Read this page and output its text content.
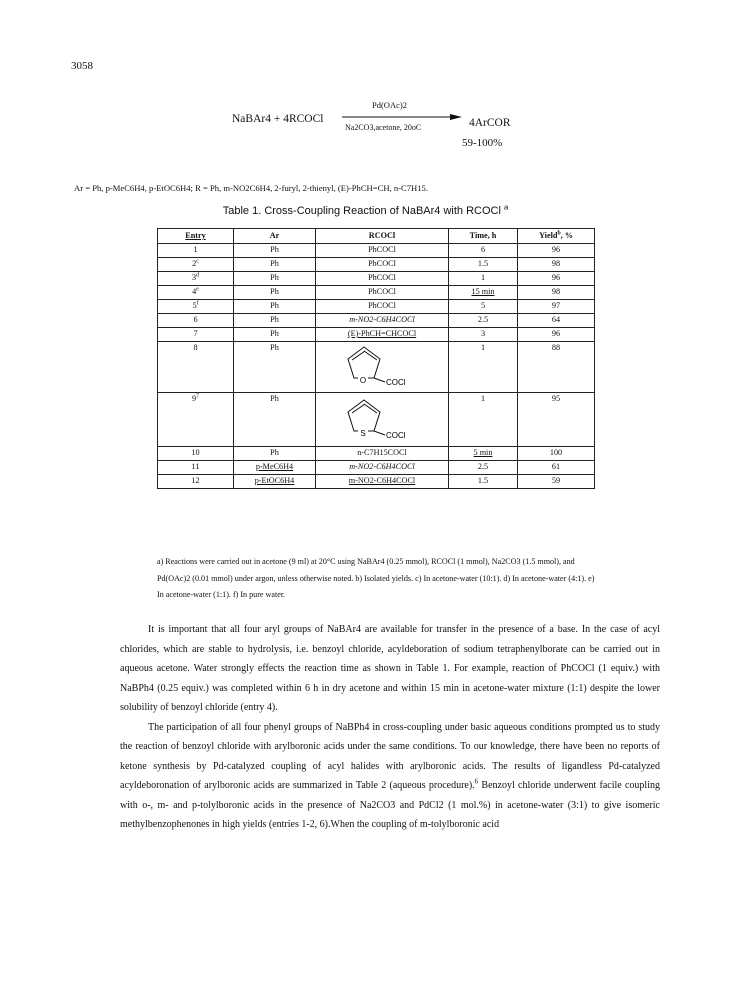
3058
NaBAr4 + 4RCOCl
Pd(OAc)2
Na2CO3,acetone, 20oC	4ArCOR
59-100%
Ar = Ph, p-MeC6H4, p-EtOC6H4; R = Ph, m-NO2C6H4, 2-furyl, 2-thienyl, (E)-PhCH=CH, n-C7H15.
Table 1. Cross-Coupling Reaction of NaBAr4 with RCOCl $^a$
Entry	Ar	RCOCl	Time, h	Yield$^b$, %
1	Ph	PhCOCl	6	96
2$^c$	Ph	PhCOCl	1.5	98
3$^d$	Ph	PhCOCl	1	96
4e	Ph	PhCOCl	15 min	98
5$^f$	Ph	PhCOCl	5	97
6	Ph	m-NO2-C6H4COCl	2.5	64
7	Ph	(E)-PhCH=CHCOCl	3	96
8	Ph	O COCl	1	88
$9^7$	Ph	S COCl	1	95
10	Ph	n-C7H15COCl	5 min	100
11	p-MeC6H4	m-NO2-C6H4COCl	2.5	61
12	p-EtOC6H4	m-NO2-C6H4COCl	1.5	59
a) Reactions were carried out in acetone (9 ml) at 20°C using NaBAr4 (0.25 mmol), RCOCl (1 mmol), Na2CO3 (1.5 mmol), and Pd(OAc)2 (0.01 mmol) under argon, unless otherwise noted. b) Isolated yields. c) In acetone-water (10:1). d) In acetone-water (4:1). e) In acetone-water (1:1). f) In pure water.

It is important that all four aryl groups of NaBAr4 are available for transfer in the presence of a base. In the case of acyl chlorides, which are stable to hydrolysis, i.e. benzoyl chloride, acyldeboration of sodium tetraphenylborate can be carried out in aqueous acetone. Water strongly effects the reaction time as shown in Table 1. For example, reaction of PhCOCl (1 equiv.) with NaBPh4 (0.25 equiv.) was completed within 6 h in dry acetone and within 15 min in acetone-water mixture (1:1) despite the lower solubility of benzoyl chloride (entry 4).

The participation of all four phenyl groups of NaBPh4 in cross-coupling under basic aqueous conditions prompted us to study the reaction of benzoyl chloride with arylboronic acids under the same conditions. To our knowledge, there have been no reports of ketone synthesis by Pd-catalyzed coupling of acyl halides with arylboronic acids. The results of ligandless Pd-catalyzed acyldeboronation of arylboronic acids are summarized in Table 2 (aqueous procedure).$^6$ Benzoyl chloride underwent facile coupling with o-, m- and p-tolylboronic acids in the presence of Na2CO3 and PdCl2 (1 mol.%) in acetone-water (3:1) to give isomeric methylbenzophenones in high yields (entries 1-2, 6).When the coupling of m-tolylboronic acid
